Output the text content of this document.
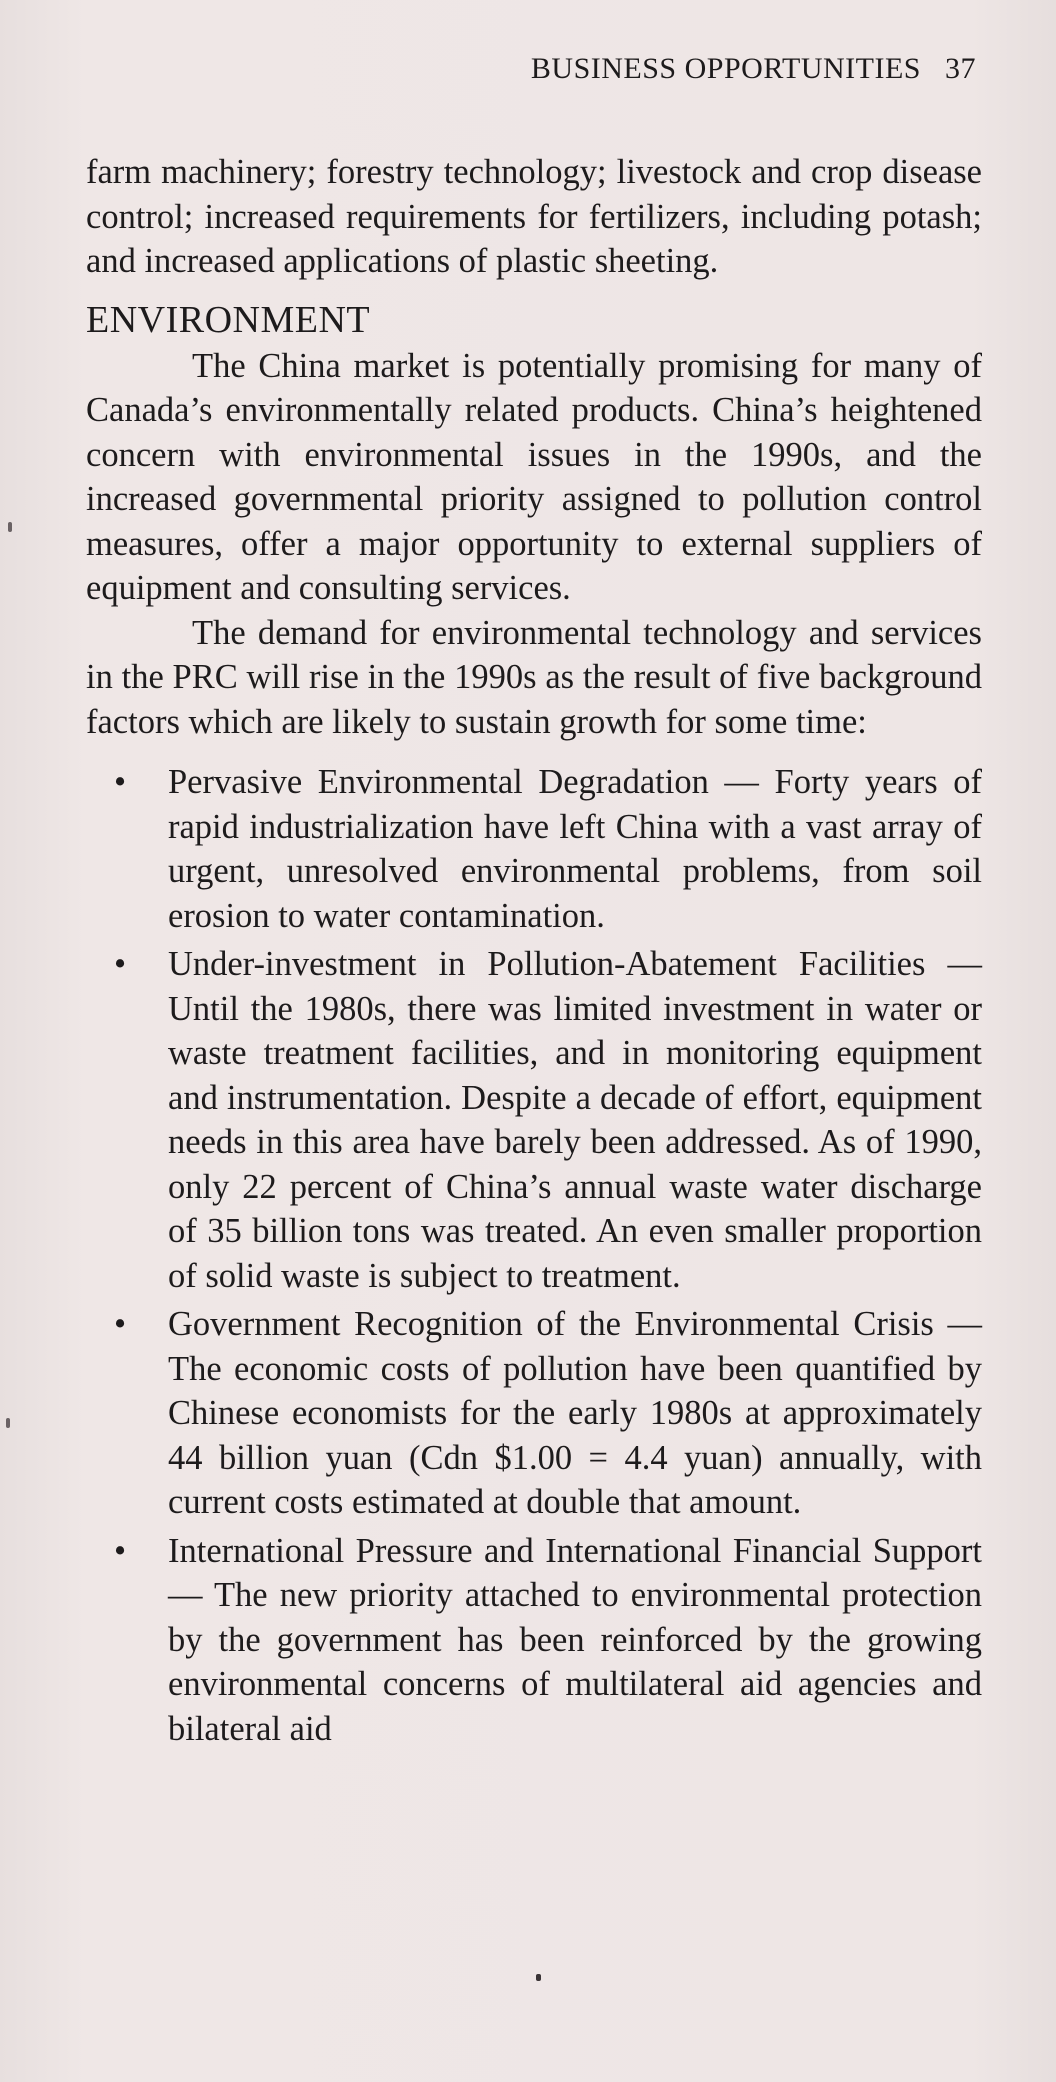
BUSINESS OPPORTUNITIES 37

farm machinery; forestry technology; livestock and crop disease control; increased requirements for fertilizers, including potash; and increased applications of plastic sheeting.

ENVIRONMENT

The China market is potentially promising for many of Canada’s environmentally related products. China’s heightened concern with environmental issues in the 1990s, and the increased governmental priority assigned to pollution control measures, offer a major opportunity to external suppliers of equipment and consulting services.

The demand for environmental technology and services in the PRC will rise in the 1990s as the result of five background factors which are likely to sustain growth for some time:

• Pervasive Environmental Degradation — Forty years of rapid industrialization have left China with a vast array of urgent, unresolved environmental problems, from soil erosion to water contamination.
• Under-investment in Pollution-Abatement Facilities — Until the 1980s, there was limited investment in water or waste treatment facilities, and in monitoring equipment and instrumentation. Despite a decade of effort, equipment needs in this area have barely been addressed. As of 1990, only 22 percent of China’s annual waste water discharge of 35 billion tons was treated. An even smaller proportion of solid waste is subject to treatment.
• Government Recognition of the Environmental Crisis — The economic costs of pollution have been quantified by Chinese economists for the early 1980s at approximately 44 billion yuan (Cdn $1.00 = 4.4 yuan) annually, with current costs estimated at double that amount.
• International Pressure and International Financial Support — The new priority attached to environmental protection by the government has been reinforced by the growing environmental concerns of multilateral aid agencies and bilateral aid
